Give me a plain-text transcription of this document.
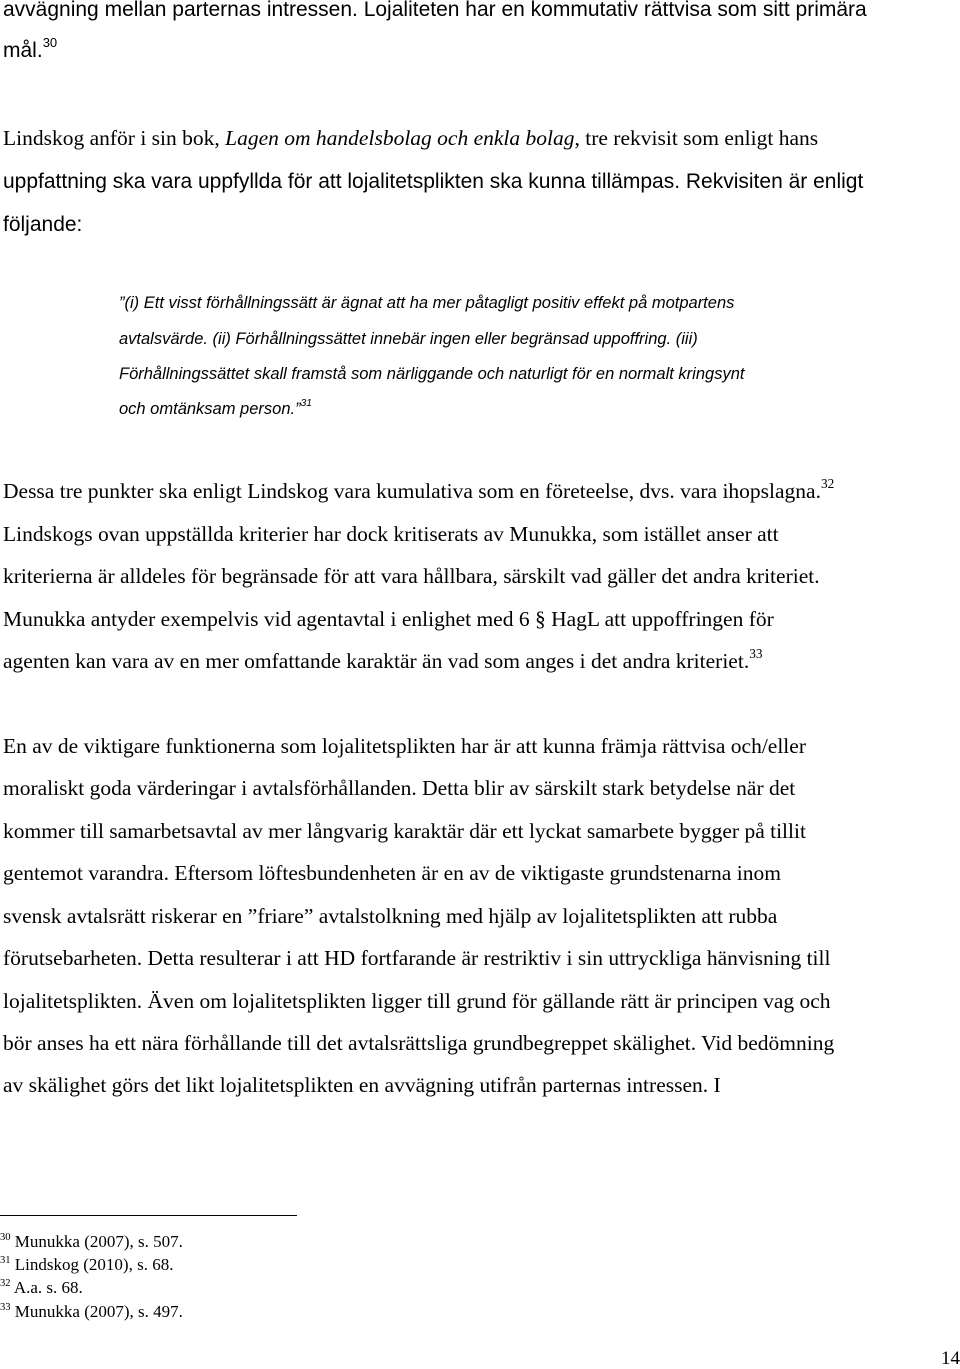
avvägning mellan parternas intressen. Lojaliteten har en kommutativ rättvisa som sitt primära
mål.$^{30}$
Lindskog anför i sin bok, Lagen om handelsbolag och enkla bolag, tre rekvisit som enligt hans
uppfattning ska vara uppfyllda för att lojalitetsplikten ska kunna tillämpas. Rekvisiten är enligt
följande:
”(i) Ett visst förhållningssätt är ägnat att ha mer påtagligt positiv effekt på motpartens
avtalsvärde. (ii) Förhållningssättet innebär ingen eller begränsad uppoffring. (iii)
Förhållningssättet skall framstå som närliggande och naturligt för en normalt kringsynt
och omtänksam person.”$^{31}$
Dessa tre punkter ska enligt Lindskog vara kumulativa som en företeelse, dvs. vara ihopslagna.$^{32}$
Lindskogs ovan uppställda kriterier har dock kritiserats av Munukka, som istället anser att
kriterierna är alldeles för begränsade för att vara hållbara, särskilt vad gäller det andra kriteriet.
Munukka antyder exempelvis vid agentavtal i enlighet med 6 § HagL att uppoffringen för
agenten kan vara av en mer omfattande karaktär än vad som anges i det andra kriteriet.$^{33}$
En av de viktigare funktionerna som lojalitetsplikten har är att kunna främja rättvisa och/eller
moraliskt goda värderingar i avtalsförhållanden. Detta blir av särskilt stark betydelse när det
kommer till samarbetsavtal av mer långvarig karaktär där ett lyckat samarbete bygger på tillit
gentemot varandra. Eftersom löftesbundenheten är en av de viktigaste grundstenarna inom
svensk avtalsrätt riskerar en ”friare” avtalstolkning med hjälp av lojalitetsplikten att rubba
förutsebarheten. Detta resulterar i att HD fortfarande är restriktiv i sin uttryckliga hänvisning till
lojalitetsplikten. Även om lojalitetsplikten ligger till grund för gällande rätt är principen vag och
bör anses ha ett nära förhållande till det avtalsrättsliga grundbegreppet skälighet. Vid bedömning
av skälighet görs det likt lojalitetsplikten en avvägning utifrån parternas intressen. I
$^{30}$ Munukka (2007), s. 507.
$^{31}$ Lindskog (2010), s. 68.
$^{32}$ A.a. s. 68.
$^{33}$ Munukka (2007), s. 497.
14
